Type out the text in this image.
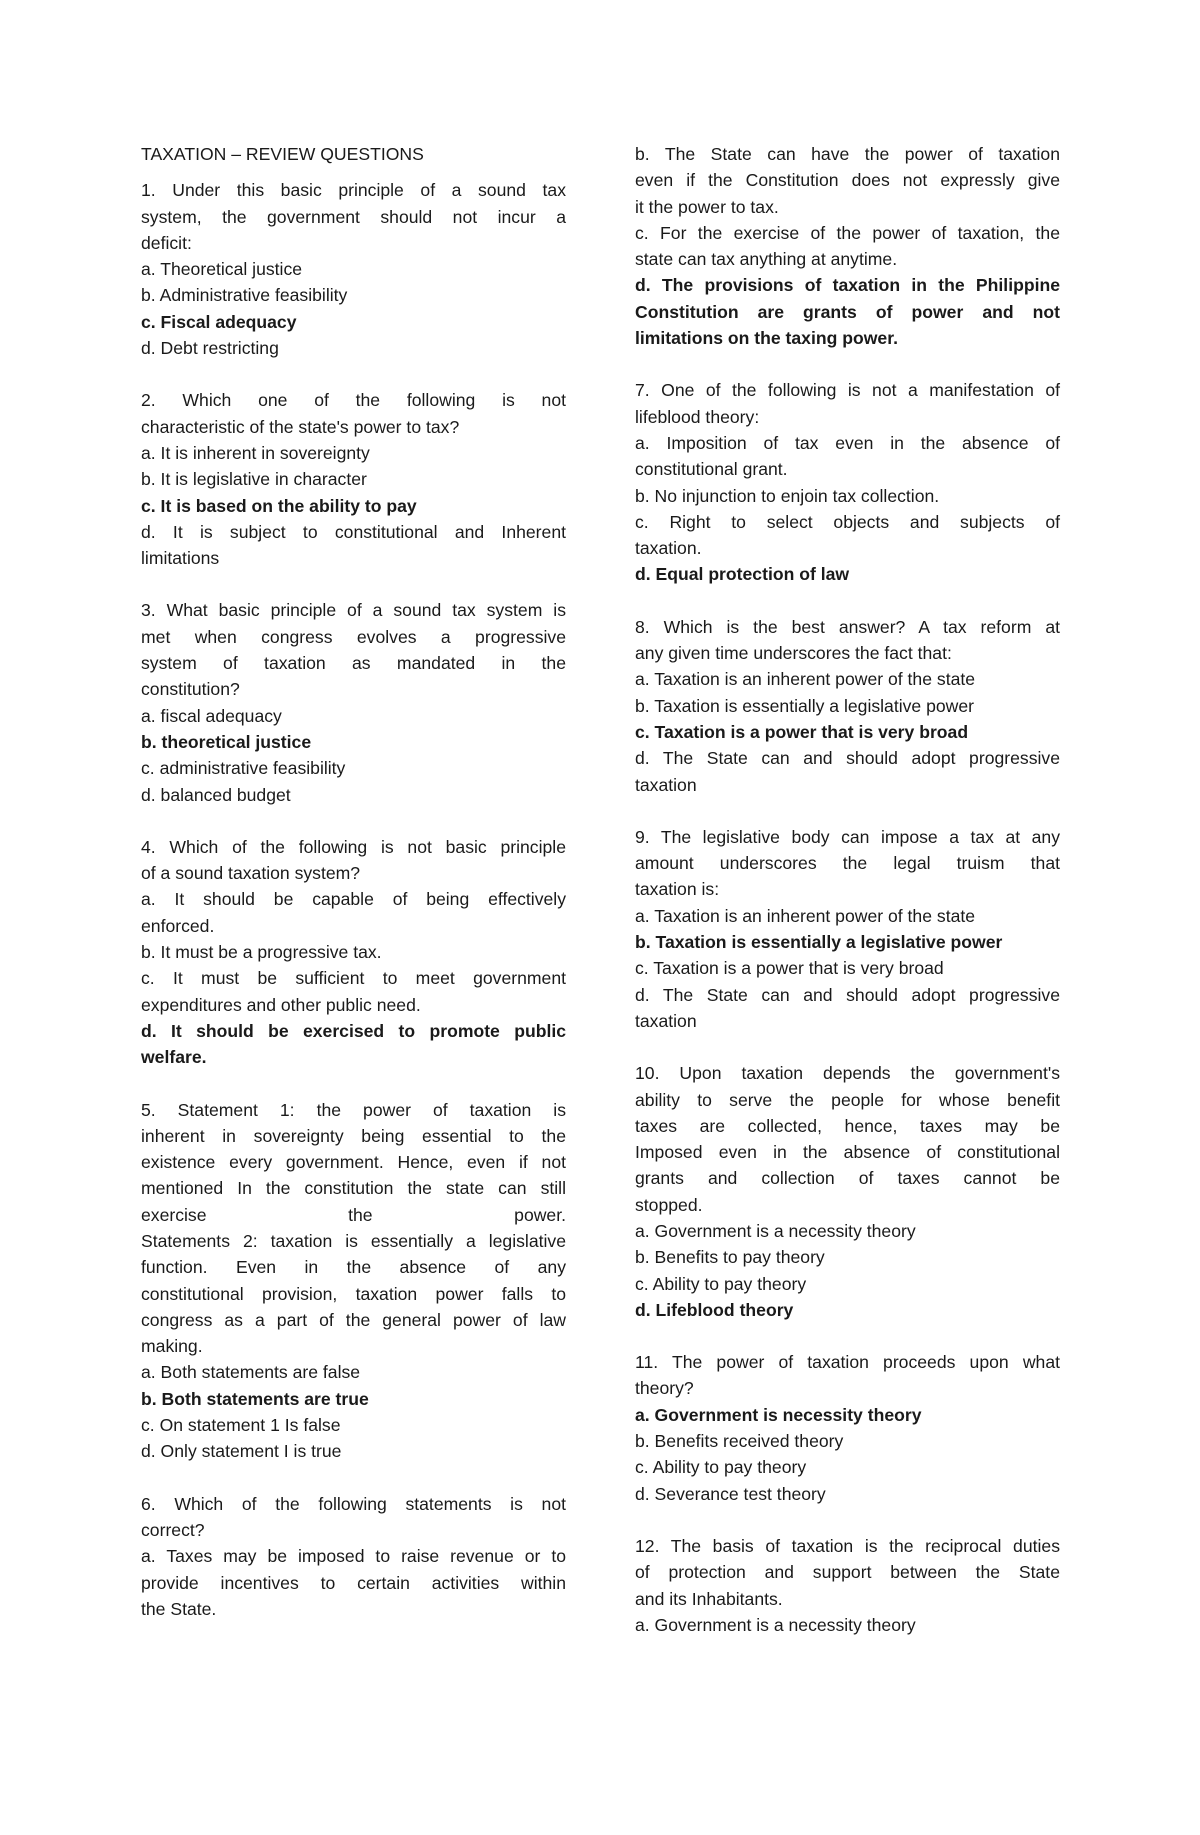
TAXATION – REVIEW QUESTIONS

1. Under this basic principle of a sound tax

system, the government should not incur a

deficit:

a. Theoretical justice

b. Administrative feasibility

c. Fiscal adequacy

d. Debt restricting

2. Which one of the following is not

characteristic of the state's power to tax?

a. It is inherent in sovereignty

b. It is legislative in character

c. It is based on the ability to pay

d. It is subject to constitutional and Inherent

limitations

3. What basic principle of a sound tax system is

met when congress evolves a progressive

system of taxation as mandated in the

constitution?

a. fiscal adequacy

b. theoretical justice

c. administrative feasibility

d. balanced budget

4. Which of the following is not basic principle

of a sound taxation system?

a. It should be capable of being effectively

enforced.

b. It must be a progressive tax.

c. It must be sufficient to meet government

expenditures and other public need.

d. It should be exercised to promote public

welfare.

5. Statement 1: the power of taxation is

inherent in sovereignty being essential to the

existence every government. Hence, even if not

mentioned In the constitution the state can still

exercise the power.

Statements 2: taxation is essentially a legislative

function. Even in the absence of any

constitutional provision, taxation power falls to

congress as a part of the general power of law

making.

a. Both statements are false

b. Both statements are true

c. On statement 1 Is false

d. Only statement I is true

6. Which of the following statements is not

correct?

a. Taxes may be imposed to raise revenue or to

provide incentives to certain activities within

the State.

b. The State can have the power of taxation

even if the Constitution does not expressly give

it the power to tax.

c. For the exercise of the power of taxation, the

state can tax anything at anytime.

d. The provisions of taxation in the Philippine

Constitution are grants of power and not

limitations on the taxing power.

7. One of the following is not a manifestation of

lifeblood theory:

a. Imposition of tax even in the absence of

constitutional grant.

b. No injunction to enjoin tax collection.

c. Right to select objects and subjects of

taxation.

d. Equal protection of law

8. Which is the best answer? A tax reform at

any given time underscores the fact that:

a. Taxation is an inherent power of the state

b. Taxation is essentially a legislative power

c. Taxation is a power that is very broad

d. The State can and should adopt progressive

taxation

9. The legislative body can impose a tax at any

amount underscores the legal truism that

taxation is:

a. Taxation is an inherent power of the state

b. Taxation is essentially a legislative power

c. Taxation is a power that is very broad

d. The State can and should adopt progressive

taxation

10. Upon taxation depends the government's

ability to serve the people for whose benefit

taxes are collected, hence, taxes may be

Imposed even in the absence of constitutional

grants and collection of taxes cannot be

stopped.

a. Government is a necessity theory

b. Benefits to pay theory

c. Ability to pay theory

d. Lifeblood theory

11. The power of taxation proceeds upon what

theory?

a. Government is necessity theory

b. Benefits received theory

c. Ability to pay theory

d. Severance test theory

12. The basis of taxation is the reciprocal duties

of protection and support between the State

and its Inhabitants.

a. Government is a necessity theory
